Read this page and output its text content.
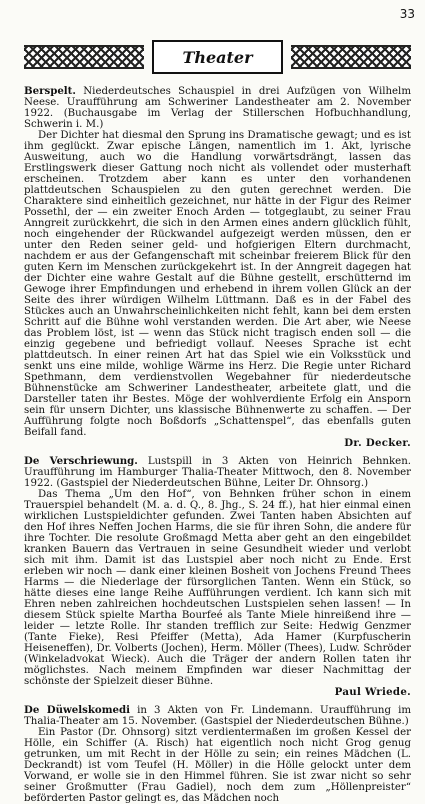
33
Theater

Berspelt. Niederdeutsches Schauspiel in drei Aufzügen von Wilhelm Neese. Uraufführung am Schweriner Landestheater am 2. November 1922. (Buchausgabe im Verlag der Stillerschen Hofbuchhandlung, Schwerin i. M.)

Der Dichter hat diesmal den Sprung ins Dramatische gewagt; und es ist ihm geglückt. Zwar epische Längen, namentlich im 1. Akt, lyrische Ausweitung, auch wo die Handlung vorwärtsdrängt, lassen das Erstlingswerk dieser Gattung noch nicht als vollendet oder musterhaft erscheinen. Trotzdem aber kann es unter den vorhandenen plattdeutschen Schauspielen zu den guten gerechnet werden. Die Charaktere sind einheitlich gezeichnet, nur hätte in der Figur des Reimer Possethl, der — ein zweiter Enoch Arden — totgeglaubt, zu seiner Frau Anngreit zurückkehrt, die sich in den Armen eines andern glücklich fühlt, noch eingehender der Rückwandel aufgezeigt werden müssen, den er unter den Reden seiner geld- und hofgierigen Eltern durchmacht, nachdem er aus der Gefangenschaft mit scheinbar freierem Blick für den guten Kern im Menschen zurückgekehrt ist. In der Anngreit dagegen hat der Dichter eine wahre Gestalt auf die Bühne gestellt, erschütternd im Gewoge ihrer Empfindungen und erhebend in ihrem vollen Glück an der Seite des ihrer würdigen Wilhelm Lüttmann. Daß es in der Fabel des Stückes auch an Unwahrscheinlichkeiten nicht fehlt, kann bei dem ersten Schritt auf die Bühne wohl verstanden werden. Die Art aber, wie Neese das Problem löst, ist — wenn das Stück nicht tragisch enden soll — die einzig gegebene und befriedigt vollauf. Neeses Sprache ist echt plattdeutsch. In einer reinen Art hat das Spiel wie ein Volksstück und senkt uns eine milde, wohlige Wärme ins Herz. Die Regie unter Richard Spethmann, dem verdienstvollen Wegebahner für niederdeutsche Bühnenstücke am Schweriner Landestheater, arbeitete glatt, und die Darsteller taten ihr Bestes. Möge der wohlverdiente Erfolg ein Ansporn sein für unsern Dichter, uns klassische Bühnenwerte zu schaffen. — Der Aufführung folgte noch Boßdorfs „Schattenspel“, das ebenfalls guten Beifall fand.

Dr. Decker.

De Verschriewung. Lustspill in 3 Akten von Heinrich Behnken. Uraufführung im Hamburger Thalia-Theater Mittwoch, den 8. November 1922. (Gastspiel der Niederdeutschen Bühne, Leiter Dr. Ohnsorg.)

Das Thema „Um den Hof“, von Behnken früher schon in einem Trauerspiel behandelt (M. a. d. Q., 8. Jhg., S. 24 ff.), hat hier einmal einen wirklichen Lustspieldichter gefunden. Zwei Tanten haben Absichten auf den Hof ihres Neffen Jochen Harms, die sie für ihren Sohn, die andere für ihre Tochter. Die resolute Großmagd Metta aber geht an den eingebildet kranken Bauern das Vertrauen in seine Gesundheit wieder und verlobt sich mit ihm. Damit ist das Lustspiel aber noch nicht zu Ende. Erst erleben wir noch — dank einer kleinen Bosheit von Jochens Freund Thees Harms — die Niederlage der fürsorglichen Tanten. Wenn ein Stück, so hätte dieses eine lange Reihe Aufführungen verdient. Ich kann sich mit Ehren neben zahlreichen hochdeutschen Lustspielen sehen lassen! — In diesem Stück spielte Martha Bourfeé als Tante Miele hinreißend ihre — leider — letzte Rolle. Ihr standen trefflich zur Seite: Hedwig Genzmer (Tante Fieke), Resi Pfeiffer (Metta), Ada Hamer (Kurpfuscherin Heiseneffen), Dr. Volberts (Jochen), Herm. Möller (Thees), Ludw. Schröder (Winkeladvokat Wieck). Auch die Träger der andern Rollen taten ihr möglichstes. Nach meinem Empfinden war dieser Nachmittag der schönste der Spielzeit dieser Bühne.

Paul Wriede.

De Düwelskomedi in 3 Akten von Fr. Lindemann. Uraufführung im Thalia-Theater am 15. November. (Gastspiel der Niederdeutschen Bühne.)

Ein Pastor (Dr. Ohnsorg) sitzt verdientermaßen im großen Kessel der Hölle, ein Schiffer (A. Risch) hat eigentlich noch nicht Grog genug getrunken, um mit Recht in der Hölle zu sein; ein reines Mädchen (L. Deckrandt) ist vom Teufel (H. Möller) in die Hölle gelockt unter dem Vorwand, er wolle sie in den Himmel führen. Sie ist zwar nicht so sehr seiner Großmutter (Frau Gadiel), noch dem zum „Höllenpreister“ beförderten Pastor gelingt es, das Mädchen noch
